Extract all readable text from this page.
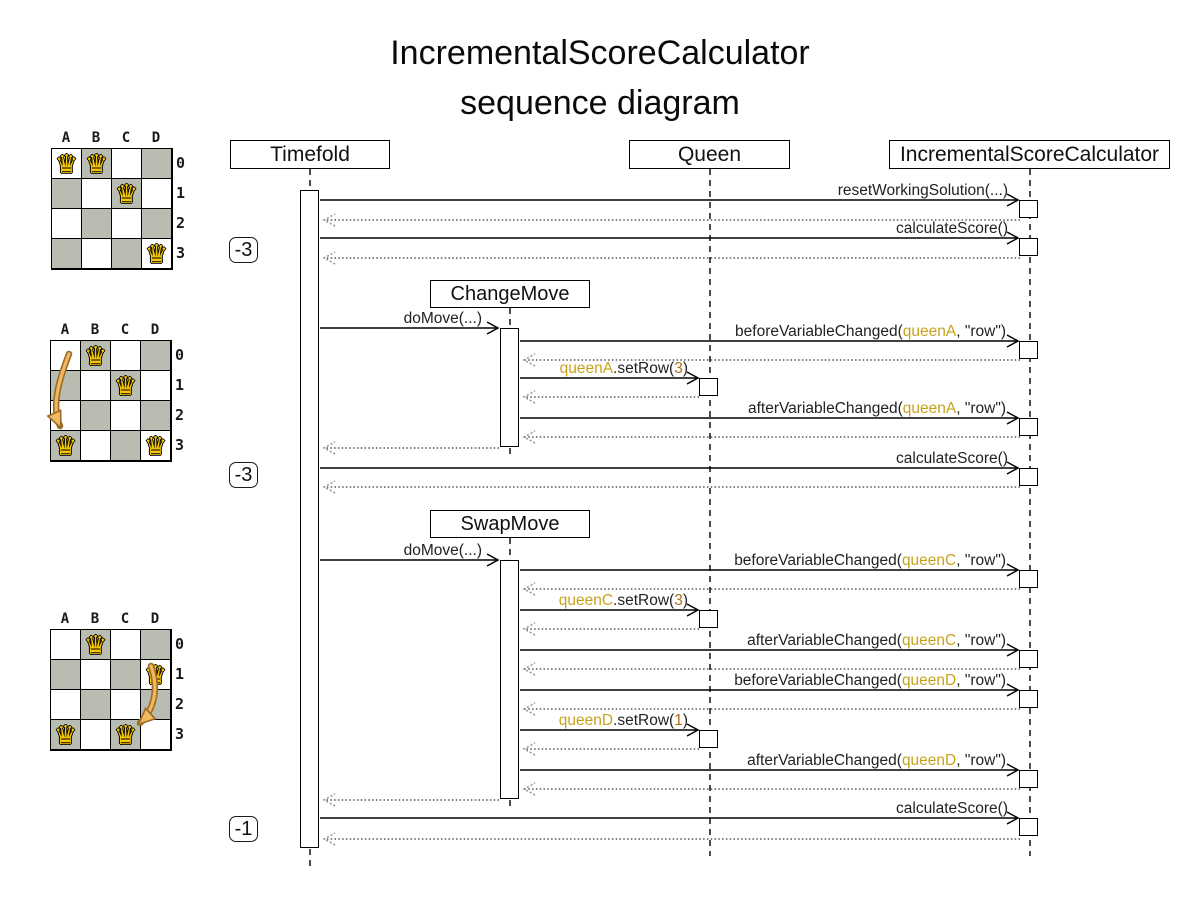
IncrementalScoreCalculator
sequence diagram
Timefold	Queen	IncrementalScoreCalculator
ChangeMove
SwapMove
-3
-3
-1
resetWorkingSolution(...)
calculateScore()
doMove(...)
beforeVariableChanged(queenA, "row")
queenA.setRow(3)
afterVariableChanged(queenA, "row")
calculateScore()
doMove(...)
beforeVariableChanged(queenC, "row")
queenC.setRow(3)
afterVariableChanged(queenC, "row")
beforeVariableChanged(queenD, "row")
queenD.setRow(1)
afterVariableChanged(queenD, "row")
calculateScore()
A	B	C	D
0
1
2
3
♛ ♛
♛
♛
A	B	C	D
0
1
2
3
♛
♛
♛	♛
A	B	C	D
0
1
2
3
♛
♛
♛ ♛
